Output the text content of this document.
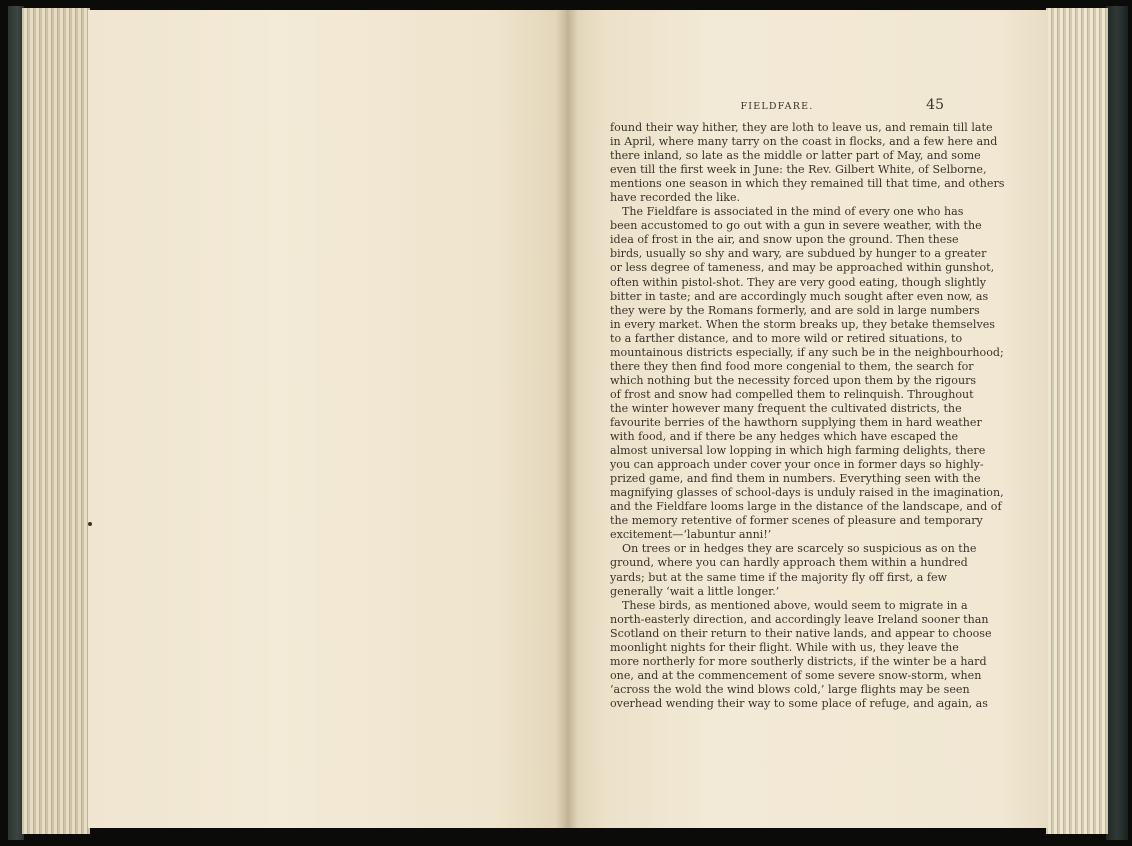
FIELDFARE.	45
found their way hither, they are loth to leave us, and remain till late
in April, where many tarry on the coast in flocks, and a few here and
there inland, so late as the middle or latter part of May, and some
even till the first week in June: the Rev. Gilbert White, of Selborne,
mentions one season in which they remained till that time, and others
have recorded the like.
The Fieldfare is associated in the mind of every one who has
been accustomed to go out with a gun in severe weather, with the
idea of frost in the air, and snow upon the ground. Then these
birds, usually so shy and wary, are subdued by hunger to a greater
or less degree of tameness, and may be approached within gunshot,
often within pistol-shot. They are very good eating, though slightly
bitter in taste; and are accordingly much sought after even now, as
they were by the Romans formerly, and are sold in large numbers
in every market. When the storm breaks up, they betake themselves
to a farther distance, and to more wild or retired situations, to
mountainous districts especially, if any such be in the neighbourhood;
there they then find food more congenial to them, the search for
which nothing but the necessity forced upon them by the rigours
of frost and snow had compelled them to relinquish. Throughout
the winter however many frequent the cultivated districts, the
favourite berries of the hawthorn supplying them in hard weather
with food, and if there be any hedges which have escaped the
almost universal low lopping in which high farming delights, there
you can approach under cover your once in former days so highly-
prized game, and find them in numbers. Everything seen with the
magnifying glasses of school-days is unduly raised in the imagination,
and the Fieldfare looms large in the distance of the landscape, and of
the memory retentive of former scenes of pleasure and temporary
excitement—‘labuntur anni!’
On trees or in hedges they are scarcely so suspicious as on the
ground, where you can hardly approach them within a hundred
yards; but at the same time if the majority fly off first, a few
generally ‘wait a little longer.’
These birds, as mentioned above, would seem to migrate in a
north-easterly direction, and accordingly leave Ireland sooner than
Scotland on their return to their native lands, and appear to choose
moonlight nights for their flight. While with us, they leave the
more northerly for more southerly districts, if the winter be a hard
one, and at the commencement of some severe snow-storm, when
‘across the wold the wind blows cold,’ large flights may be seen
overhead wending their way to some place of refuge, and again, as
